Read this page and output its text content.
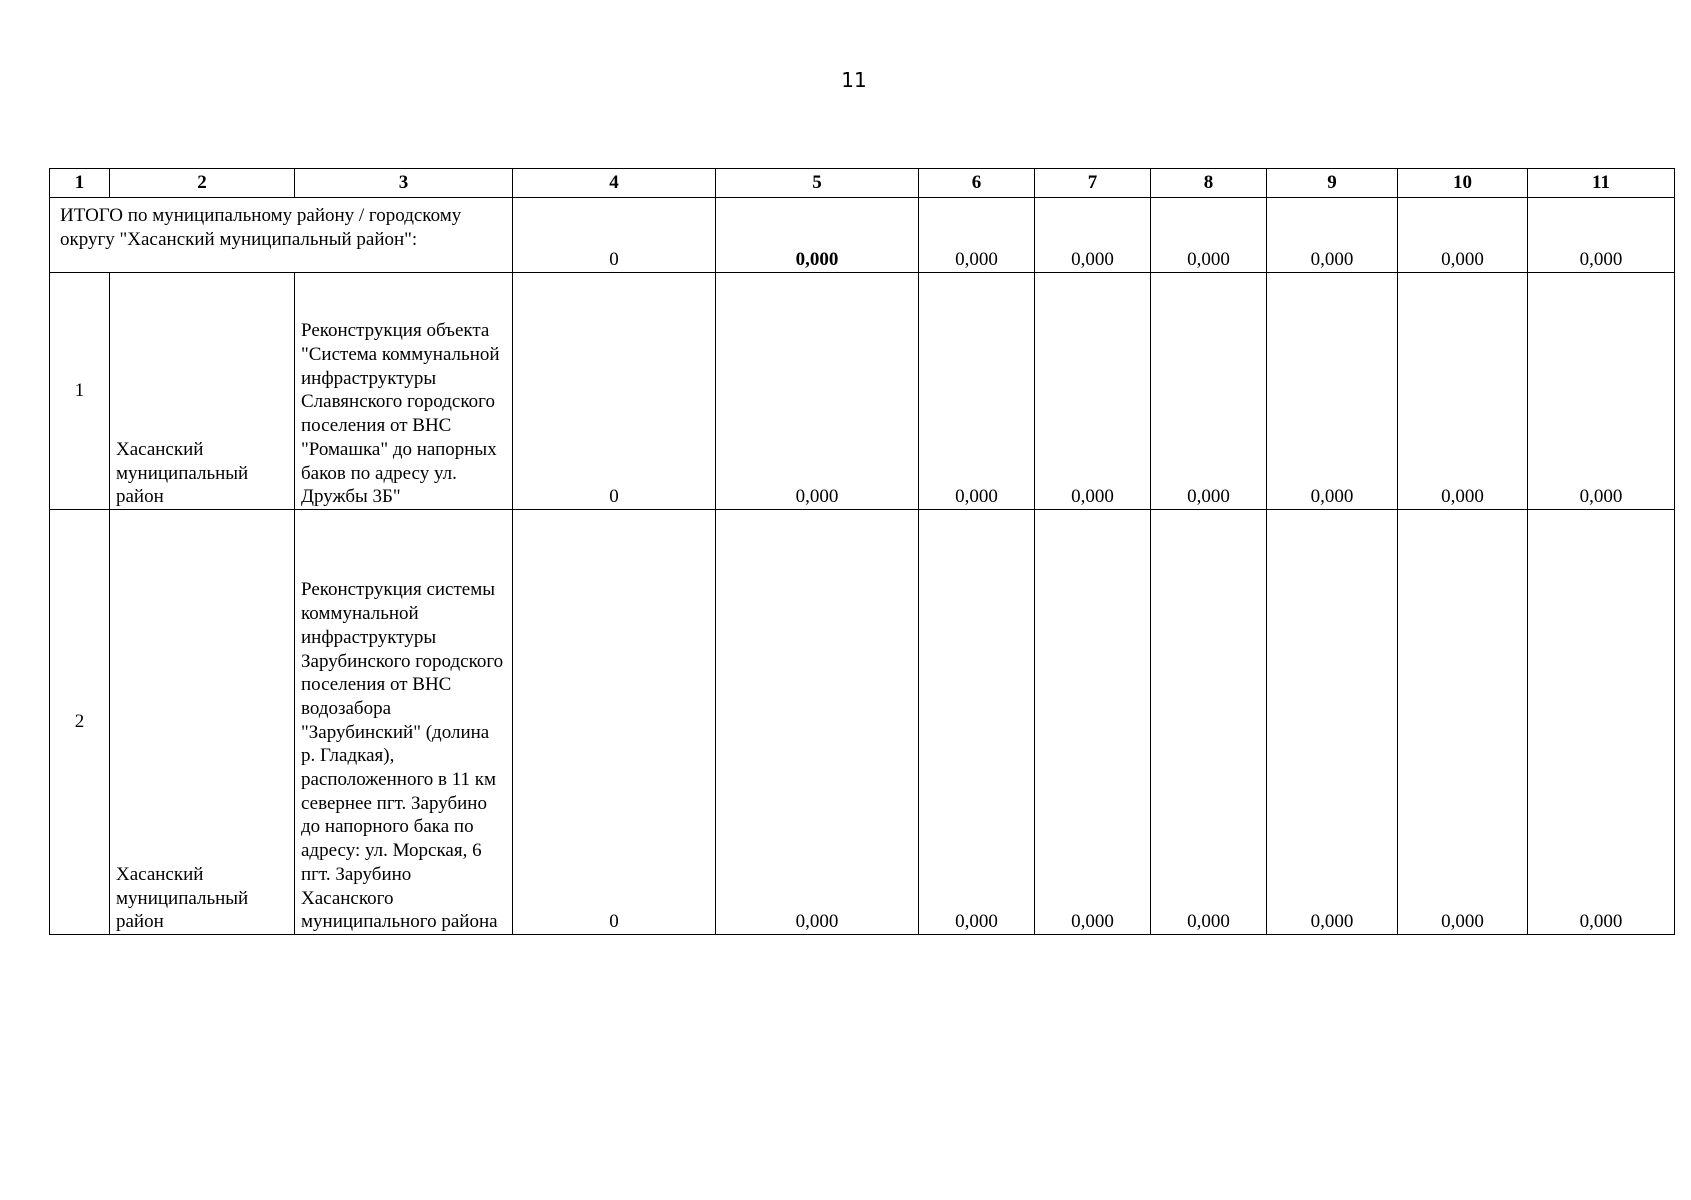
11
1	2	3	4	5	6	7	8	9	10	11
ИТОГО по муниципальному району / городскому округу "Хасанский муниципальный район":			0	0,000	0,000	0,000	0,000	0,000	0,000	0,000
1	Хасанский муниципальный район	Реконструкция объекта "Система коммунальной инфраструктуры Славянского городского поселения от ВНС "Ромашка" до напорных баков по адресу ул. Дружбы 3Б"	0	0,000	0,000	0,000	0,000	0,000	0,000	0,000
2	Хасанский муниципальный район	Реконструкция системы коммунальной инфраструктуры Зарубинского городского поселения от ВНС водозабора "Зарубинский" (долина р. Гладкая), расположенного в 11 км севернее пгт. Зарубино до напорного бака по адресу: ул. Морская, 6 пгт. Зарубино Хасанского муниципального района	0	0,000	0,000	0,000	0,000	0,000	0,000	0,000
